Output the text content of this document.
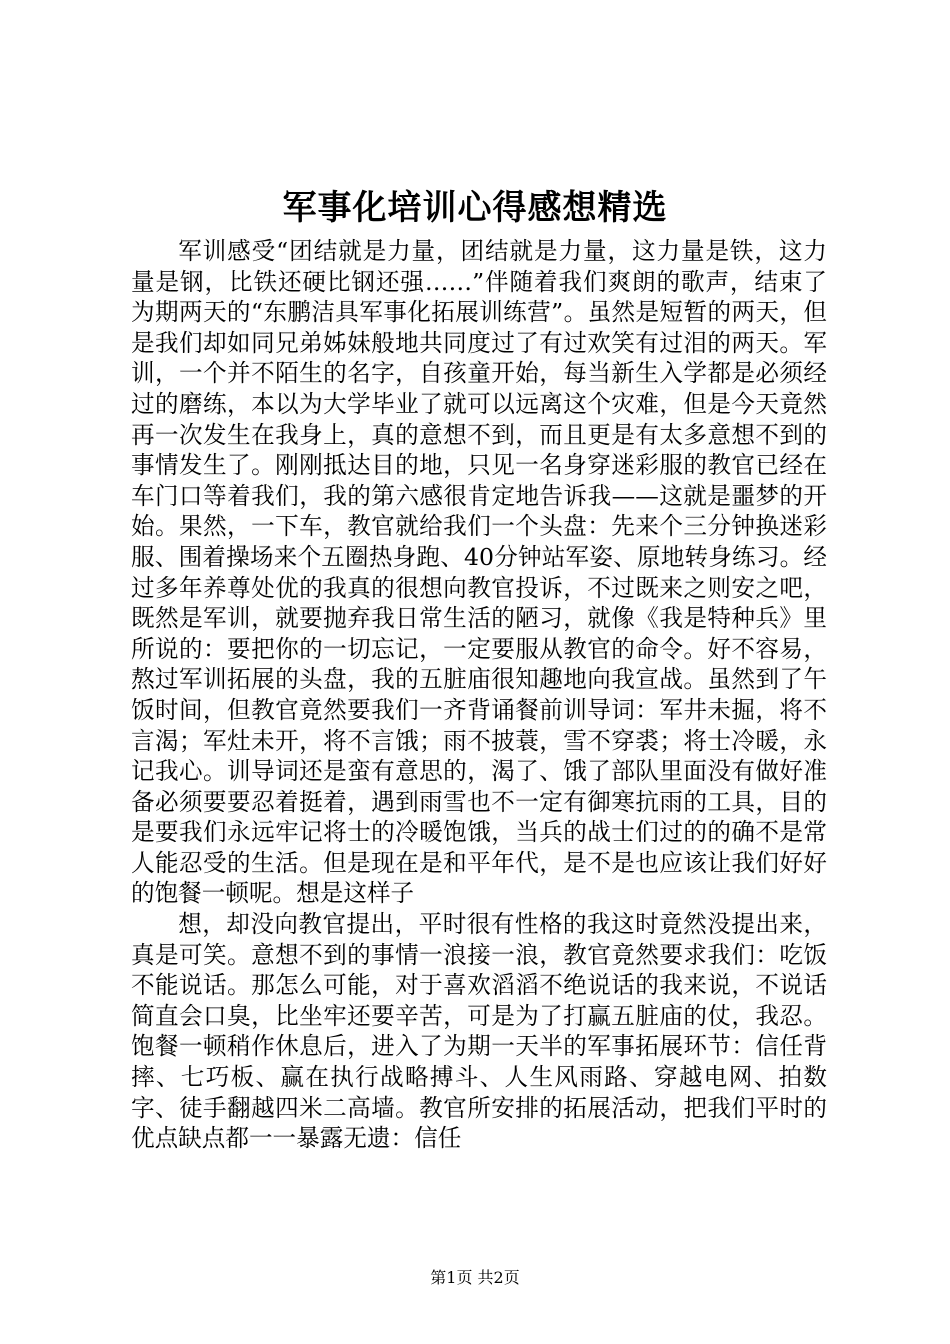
军事化培训心得感想精选

军训感受“团结就是力量，团结就是力量，这力量是铁，这力量是钢，比铁还硬比钢还强……”伴随着我们爽朗的歌声，结束了为期两天的“东鹏洁具军事化拓展训练营”。虽然是短暂的两天，但是我们却如同兄弟姊妹般地共同度过了有过欢笑有过泪的两天。军训，一个并不陌生的名字，自孩童开始，每当新生入学都是必须经过的磨练，本以为大学毕业了就可以远离这个灾难，但是今天竟然再一次发生在我身上，真的意想不到，而且更是有太多意想不到的事情发生了。刚刚抵达目的地，只见一名身穿迷彩服的教官已经在车门口等着我们，我的第六感很肯定地告诉我——这就是噩梦的开始。果然，一下车，教官就给我们一个头盘：先来个三分钟换迷彩服、围着操场来个五圈热身跑、40分钟站军姿、原地转身练习。经过多年养尊处优的我真的很想向教官投诉，不过既来之则安之吧，既然是军训，就要抛弃我日常生活的陋习，就像《我是特种兵》里所说的：要把你的一切忘记，一定要服从教官的命令。好不容易，熬过军训拓展的头盘，我的五脏庙很知趣地向我宣战。虽然到了午饭时间，但教官竟然要我们一齐背诵餐前训导词：军井未掘，将不言渴；军灶未开，将不言饿；雨不披蓑，雪不穿裘；将士冷暖，永记我心。训导词还是蛮有意思的，渴了、饿了部队里面没有做好准备必须要要忍着挺着，遇到雨雪也不一定有御寒抗雨的工具，目的是要我们永远牢记将士的冷暖饱饿，当兵的战士们过的的确不是常人能忍受的生活。但是现在是和平年代，是不是也应该让我们好好的饱餐一顿呢。想是这样子

想，却没向教官提出，平时很有性格的我这时竟然没提出来，真是可笑。意想不到的事情一浪接一浪，教官竟然要求我们：吃饭不能说话。那怎么可能，对于喜欢滔滔不绝说话的我来说，不说话简直会口臭，比坐牢还要辛苦，可是为了打赢五脏庙的仗，我忍。饱餐一顿稍作休息后，进入了为期一天半的军事拓展环节：信任背摔、七巧板、赢在执行战略搏斗、人生风雨路、穿越电网、拍数字、徒手翻越四米二高墙。教官所安排的拓展活动，把我们平时的优点缺点都一一暴露无遗：信任

第1页 共2页
